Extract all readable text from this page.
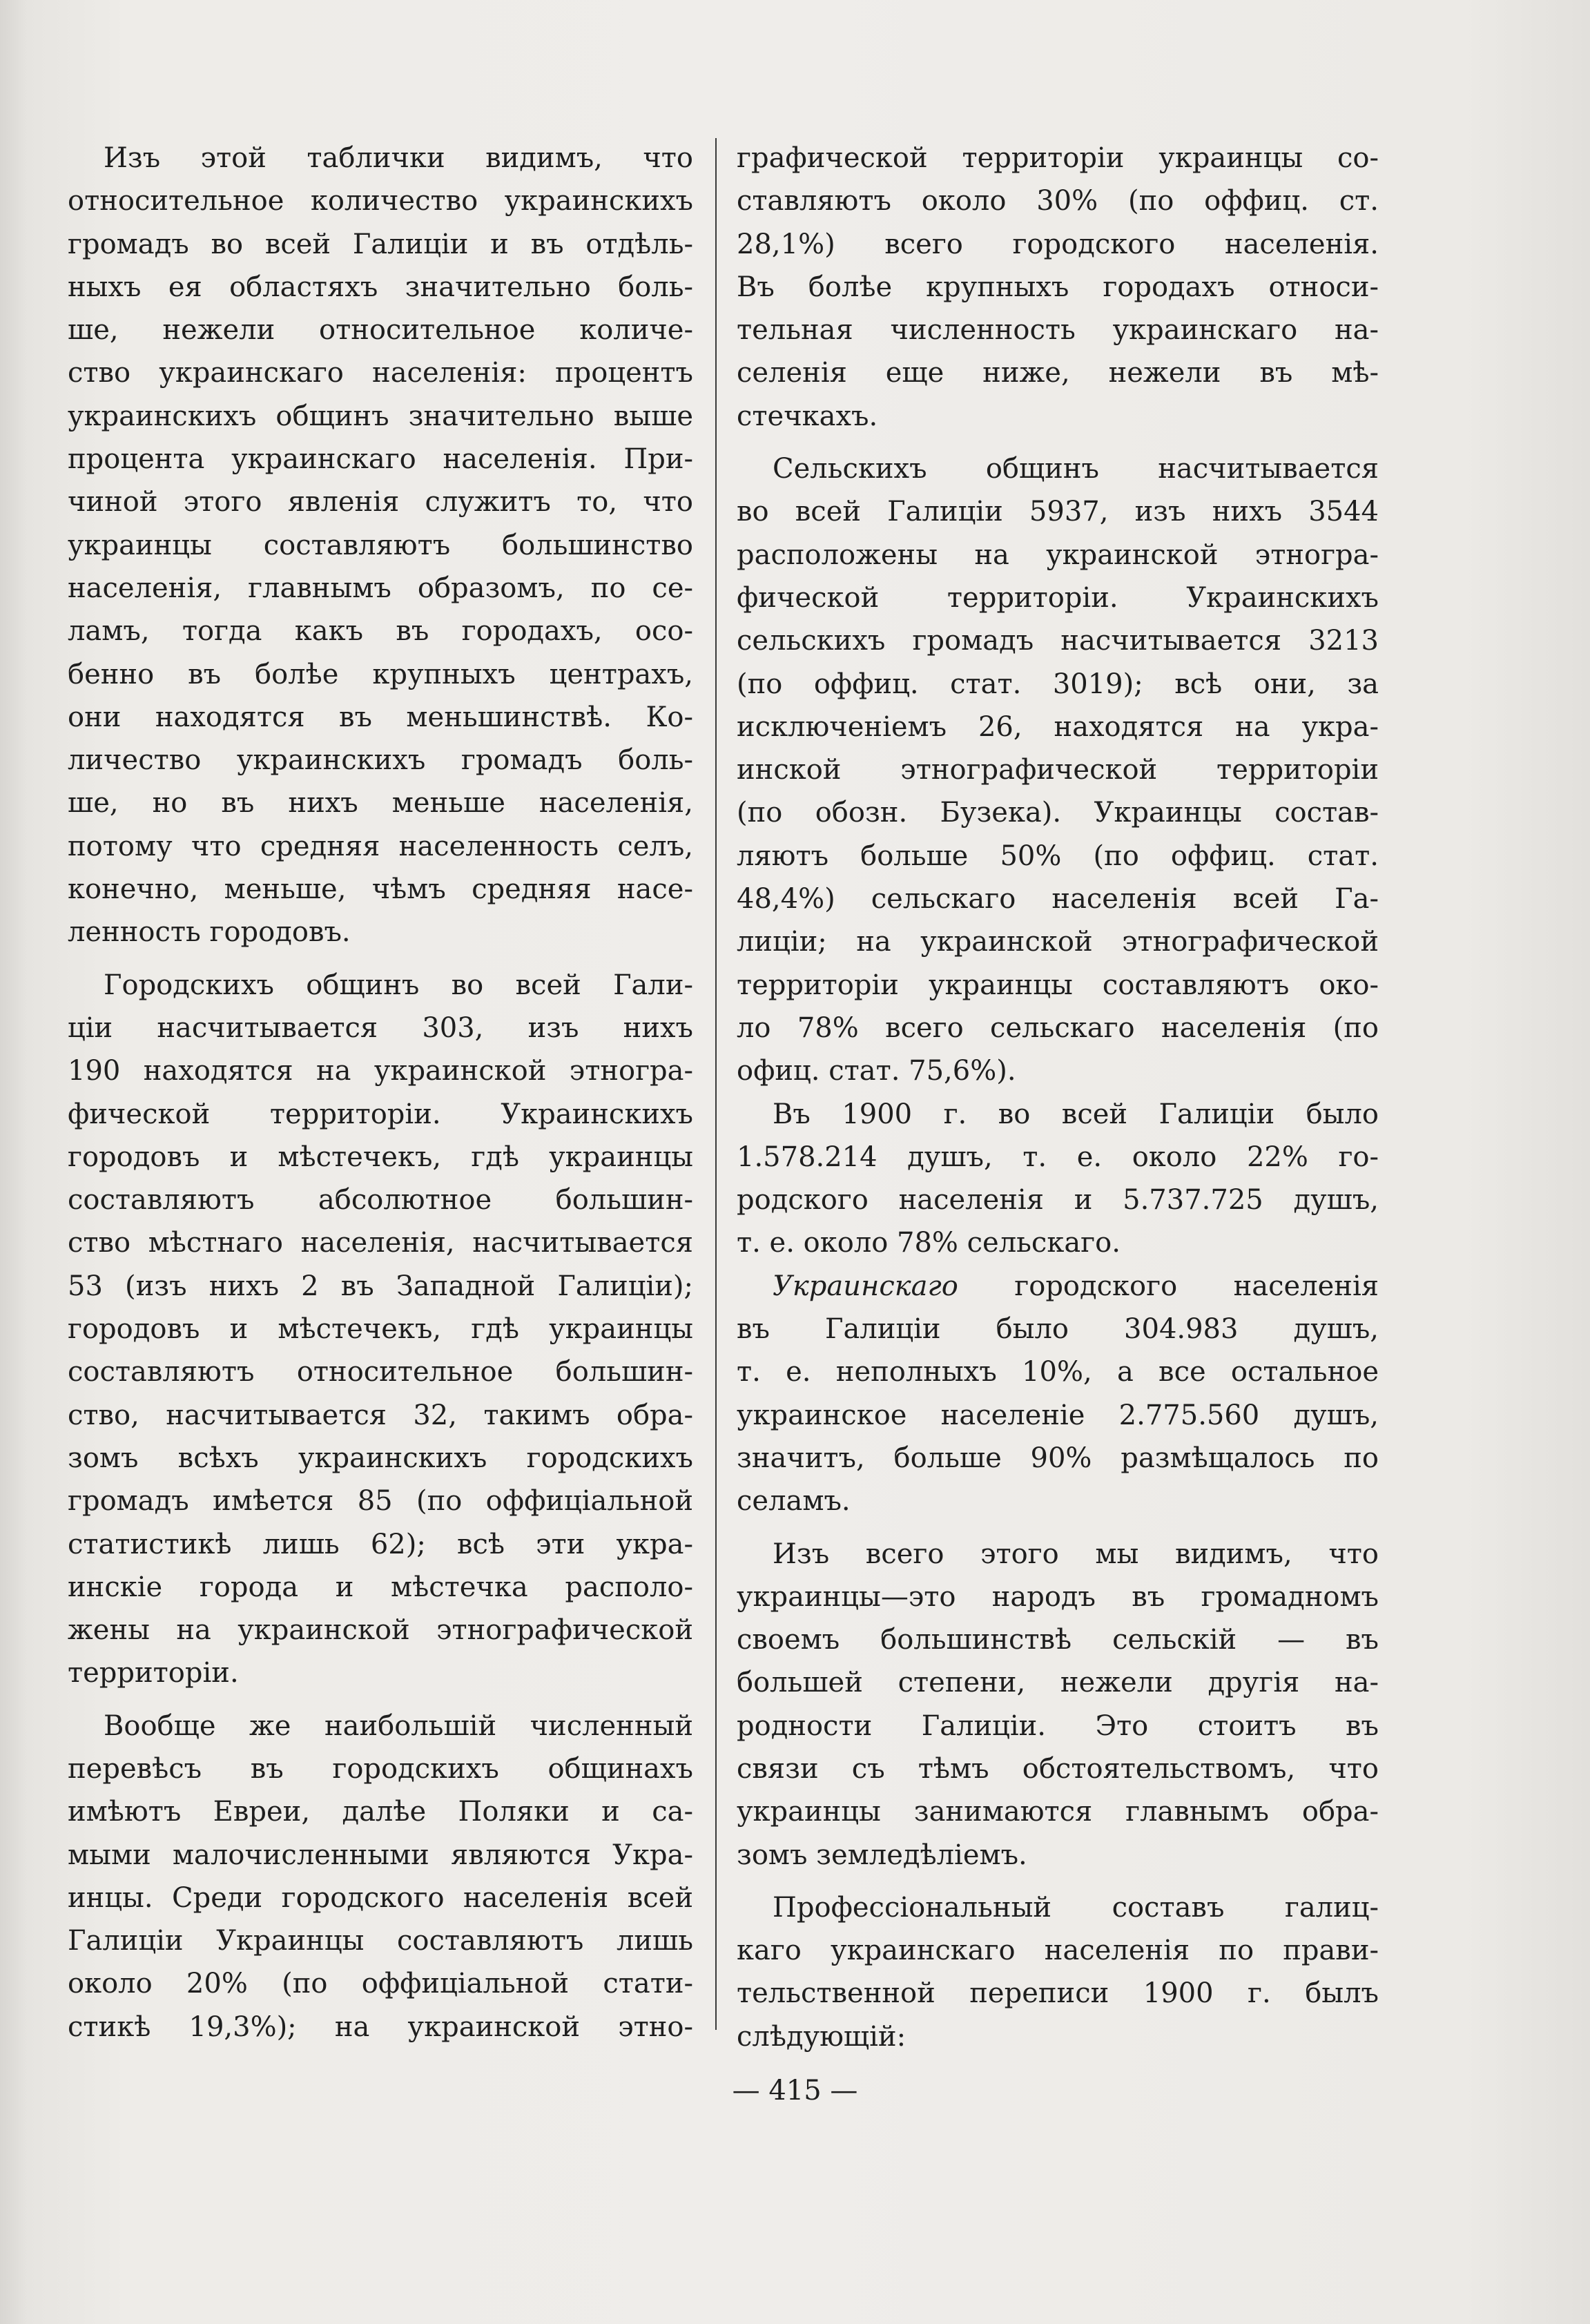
Изъ этой таблички видимъ, что
относительное количество украинскихъ
громадъ во всей Галиціи и въ отдѣль-
ныхъ ея областяхъ значительно боль-
ше, нежели относительное количе-
ство украинскаго населенія: процентъ
украинскихъ общинъ значительно выше
процента украинскаго населенія. При-
чиной этого явленія служитъ то, что
украинцы составляютъ большинство
населенія, главнымъ образомъ, по се-
ламъ, тогда какъ въ городахъ, осо-
бенно въ болѣе крупныхъ центрахъ,
они находятся въ меньшинствѣ. Ко-
личество украинскихъ громадъ боль-
ше, но въ нихъ меньше населенія,
потому что средняя населенность селъ,
конечно, меньше, чѣмъ средняя насе-
ленность городовъ.
Городскихъ общинъ во всей Гали-
ціи насчитывается 303, изъ нихъ
190 находятся на украинской этногра-
фической территоріи. Украинскихъ
городовъ и мѣстечекъ, гдѣ украинцы
составляютъ абсолютное большин-
ство мѣстнаго населенія, насчитывается
53 (изъ нихъ 2 въ Западной Галиціи);
городовъ и мѣстечекъ, гдѣ украинцы
составляютъ относительное большин-
ство, насчитывается 32, такимъ обра-
зомъ всѣхъ украинскихъ городскихъ
громадъ имѣется 85 (по оффиціальной
статистикѣ лишь 62); всѣ эти укра-
инскіе города и мѣстечка располо-
жены на украинской этнографической
территоріи.
Вообще же наибольшій численный
перевѣсъ въ городскихъ общинахъ
имѣютъ Евреи, далѣе Поляки и са-
мыми малочисленными являются Укра-
инцы. Среди городского населенія всей
Галиціи Украинцы составляютъ лишь
около 20% (по оффиціальной стати-
стикѣ 19,3%); на украинской этно-
графической территоріи украинцы со-
ставляютъ около 30% (по оффиц. ст.
28,1%) всего городского населенія.
Въ болѣе крупныхъ городахъ относи-
тельная численность украинскаго на-
селенія еще ниже, нежели въ мѣ-
стечкахъ.
Сельскихъ общинъ насчитывается
во всей Галиціи 5937, изъ нихъ 3544
расположены на украинской этногра-
фической территоріи. Украинскихъ
сельскихъ громадъ насчитывается 3213
(по оффиц. стат. 3019); всѣ они, за
исключеніемъ 26, находятся на укра-
инской этнографической территоріи
(по обозн. Бузека). Украинцы состав-
ляютъ больше 50% (по оффиц. стат.
48,4%) сельскаго населенія всей Га-
лиціи; на украинской этнографической
территоріи украинцы составляютъ око-
ло 78% всего сельскаго населенія (по
офиц. стат. 75,6%).
Въ 1900 г. во всей Галиціи было
1.578.214 душъ, т. е. около 22% го-
родского населенія и 5.737.725 душъ,
т. е. около 78% сельскаго.
Украинскаго городского населенія
въ Галиціи было 304.983 душъ,
т. е. неполныхъ 10%, а все остальное
украинское населеніе 2.775.560 душъ,
значитъ, больше 90% размѣщалось по
селамъ.
Изъ всего этого мы видимъ, что
украинцы—это народъ въ громадномъ
своемъ большинствѣ сельскій — въ
большей степени, нежели другія на-
родности Галиціи. Это стоитъ въ
связи съ тѣмъ обстоятельствомъ, что
украинцы занимаются главнымъ обра-
зомъ земледѣліемъ.
Професcіональный составъ галиц-
каго украинскаго населенія по прави-
тельственной переписи 1900 г. былъ
слѣдующій:
— 415 —
